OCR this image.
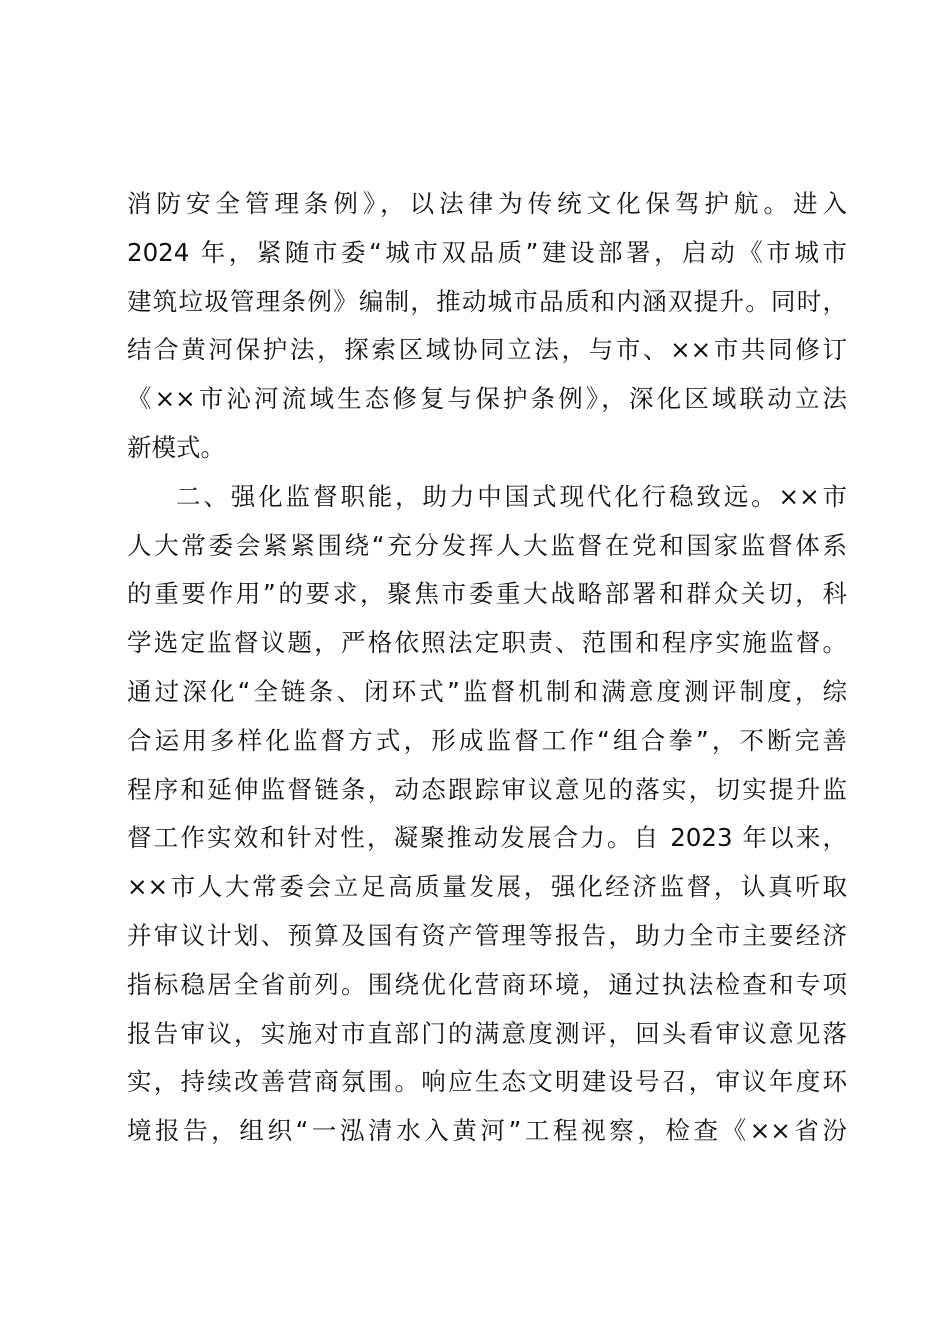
消防安全管理条例》，以法律为传统文化保驾护航。进入
2024 年，紧随市委“城市双品质”建设部署，启动《市城市
建筑垃圾管理条例》编制，推动城市品质和内涵双提升。同时，
结合黄河保护法，探索区域协同立法，与市、××市共同修订
《××市沁河流域生态修复与保护条例》，深化区域联动立法
新模式。
二、强化监督职能，助力中国式现代化行稳致远。××市
人大常委会紧紧围绕“充分发挥人大监督在党和国家监督体系
的重要作用”的要求，聚焦市委重大战略部署和群众关切，科
学选定监督议题，严格依照法定职责、范围和程序实施监督。
通过深化“全链条、闭环式”监督机制和满意度测评制度，综
合运用多样化监督方式，形成监督工作“组合拳”，不断完善
程序和延伸监督链条，动态跟踪审议意见的落实，切实提升监
督工作实效和针对性，凝聚推动发展合力。自 2023 年以来，
××市人大常委会立足高质量发展，强化经济监督，认真听取
并审议计划、预算及国有资产管理等报告，助力全市主要经济
指标稳居全省前列。围绕优化营商环境，通过执法检查和专项
报告审议，实施对市直部门的满意度测评，回头看审议意见落
实，持续改善营商氛围。响应生态文明建设号召，审议年度环
境报告，组织“一泓清水入黄河”工程视察，检查《××省汾
